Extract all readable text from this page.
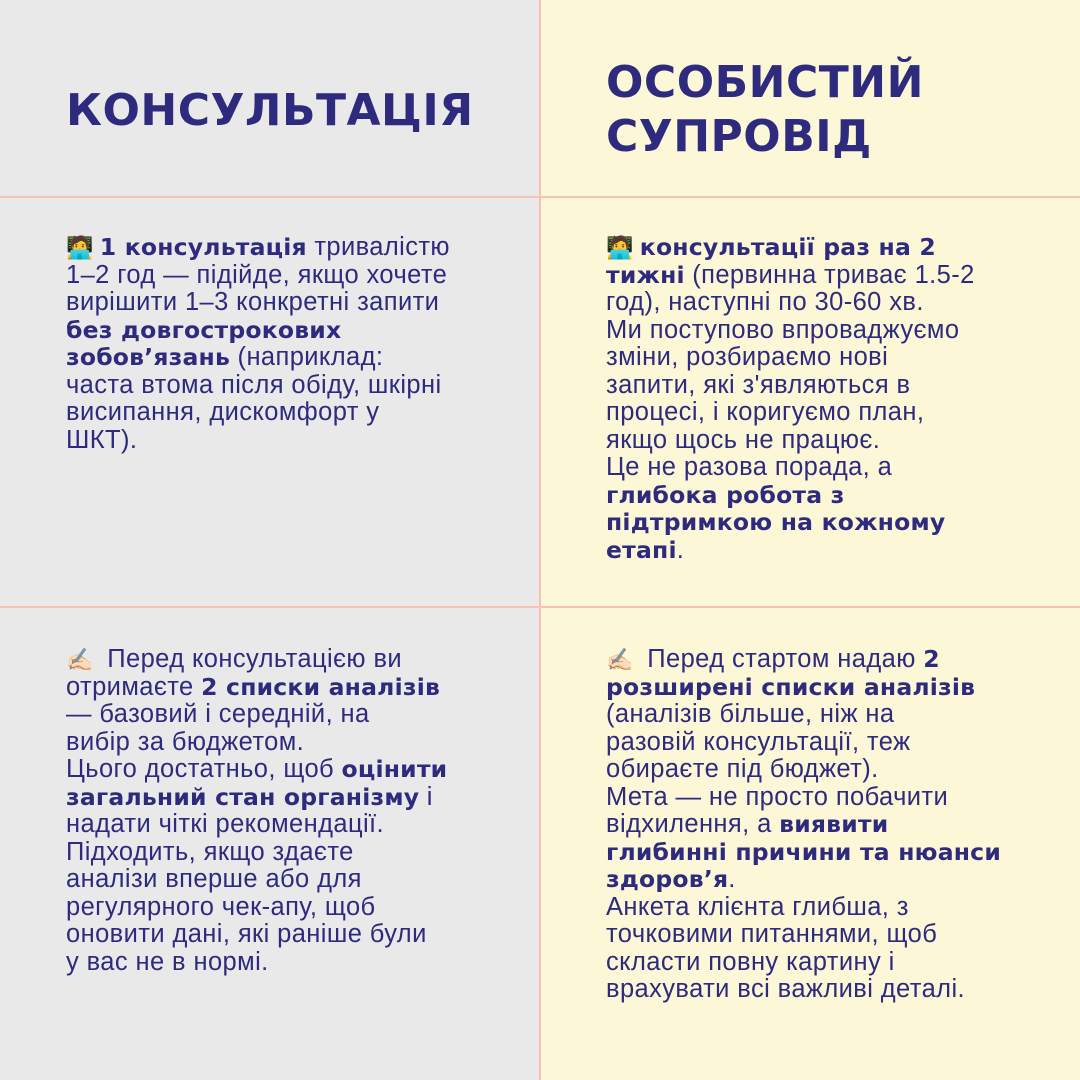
КОНСУЛЬТАЦІЯ
ОСОБИСТИЙ
СУПРОВІД
🧑‍💻 1 консультація тривалістю
1–2 год — підійде, якщо хочете
вирішити 1–3 конкретні запити
без довгострокових
зобов’язань (наприклад:
часта втома після обіду, шкірні
висипання, дискомфорт у
ШКТ).
🧑‍💻 консультації раз на 2
тижні (первинна триває 1.5-2
год), наступні по 30-60 хв.
Ми поступово впроваджуємо
зміни, розбираємо нові
запити, які з'являються в
процесі, і коригуємо план,
якщо щось не працює.
Це не разова порада, а
глибока робота з
підтримкою на кожному
етапі.
✍🏻 Перед консультацією ви
отримаєте 2 списки аналізів
— базовий і середній, на
вибір за бюджетом.
Цього достатньо, щоб оцінити
загальний стан організму і
надати чіткі рекомендації.
Підходить, якщо здаєте
аналізи вперше або для
регулярного чек-апу, щоб
оновити дані, які раніше були
у вас не в нормі.
✍🏻 Перед стартом надаю 2
розширені списки аналізів
(аналізів більше, ніж на
разовій консультації, теж
обираєте під бюджет).
Мета — не просто побачити
відхилення, а виявити
глибинні причини та нюанси
здоров’я.
Анкета клієнта глибша, з
точковими питаннями, щоб
скласти повну картину і
врахувати всі важливі деталі.
